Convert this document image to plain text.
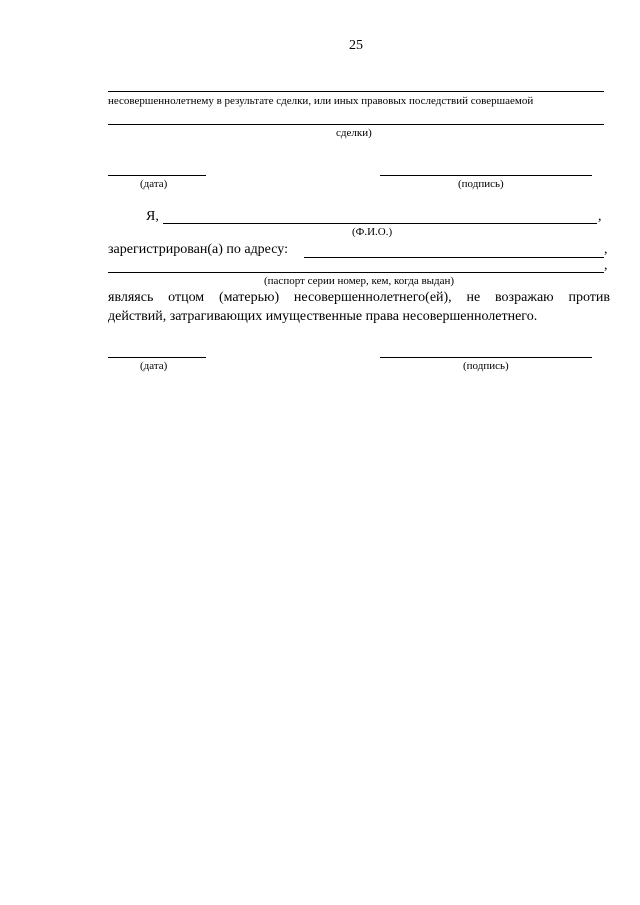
25
несовершеннолетнему в результате сделки, или иных правовых последствий совершаемой
сделки)
(дата)	(подпись)
Я,	,
(Ф.И.О.)
зарегистрирован(а) по адресу:	,
,
(паспорт серии номер, кем, когда выдан)
являясь отцом (матерью) несовершеннолетнего(ей), не возражаю против
действий, затрагивающих имущественные права несовершеннолетнего.
(дата)	(подпись)
